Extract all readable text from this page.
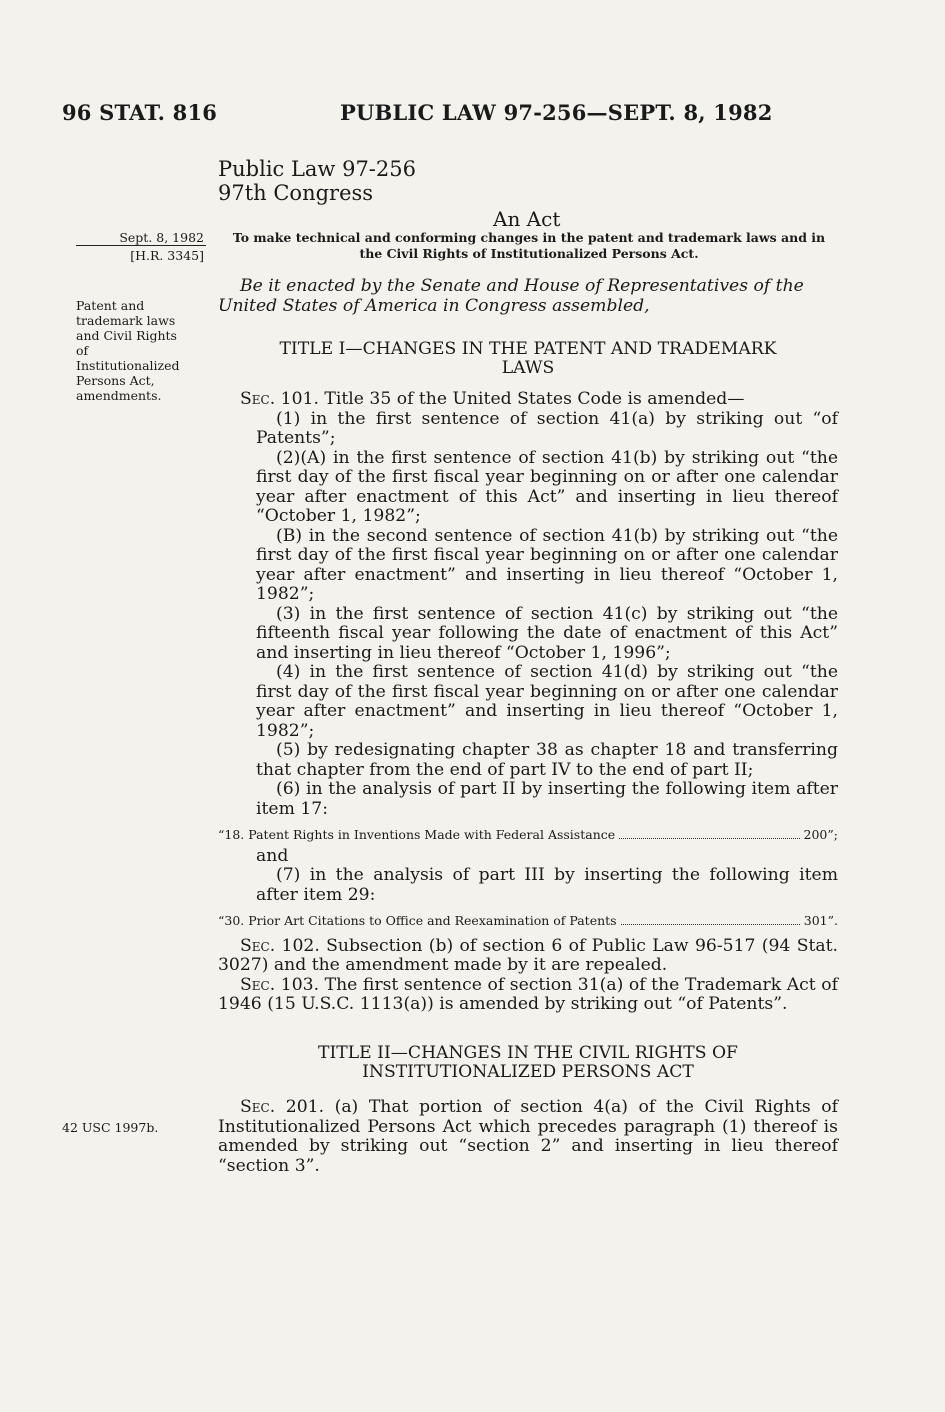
96 STAT. 816	PUBLIC LAW 97-256—SEPT. 8, 1982
Public Law 97-256
97th Congress
An Act
To make technical and conforming changes in the patent and trademark laws and in
the Civil Rights of Institutionalized Persons Act.
Sept. 8, 1982
[H.R. 3345]
Patent and
trademark laws
and Civil Rights
of
Institutionalized
Persons Act,
amendments.
42 USC 1997b.
Be it enacted by the Senate and House of Representatives of the
United States of America in Congress assembled,
TITLE I—CHANGES IN THE PATENT AND TRADEMARK
LAWS

Sec. 101. Title 35 of the United States Code is amended—

(1) in the first sentence of section 41(a) by striking out “of Patents”;

(2)(A) in the first sentence of section 41(b) by striking out “the first day of the first fiscal year beginning on or after one calendar year after enactment of this Act” and inserting in lieu thereof “October 1, 1982”;

(B) in the second sentence of section 41(b) by striking out “the first day of the first fiscal year beginning on or after one calendar year after enactment” and inserting in lieu thereof “October 1, 1982”;

(3) in the first sentence of section 41(c) by striking out “the fifteenth fiscal year following the date of enactment of this Act” and inserting in lieu thereof “October 1, 1996”;

(4) in the first sentence of section 41(d) by striking out “the first day of the first fiscal year beginning on or after one calendar year after enactment” and inserting in lieu thereof “October 1, 1982”;

(5) by redesignating chapter 38 as chapter 18 and transferring that chapter from the end of part IV to the end of part II;

(6) in the analysis of part II by inserting the following item after item 17:

“18. Patent Rights in Inventions Made with Federal Assistance	200”;

and

(7) in the analysis of part III by inserting the following item after item 29:

“30. Prior Art Citations to Office and Reexamination of Patents	301”.

Sec. 102. Subsection (b) of section 6 of Public Law 96-517 (94 Stat. 3027) and the amendment made by it are repealed.

Sec. 103. The first sentence of section 31(a) of the Trademark Act of 1946 (15 U.S.C. 1113(a)) is amended by striking out “of Patents”.

TITLE II—CHANGES IN THE CIVIL RIGHTS OF
INSTITUTIONALIZED PERSONS ACT

Sec. 201. (a) That portion of section 4(a) of the Civil Rights of Institutionalized Persons Act which precedes paragraph (1) thereof is amended by striking out “section 2” and inserting in lieu thereof “section 3”.
